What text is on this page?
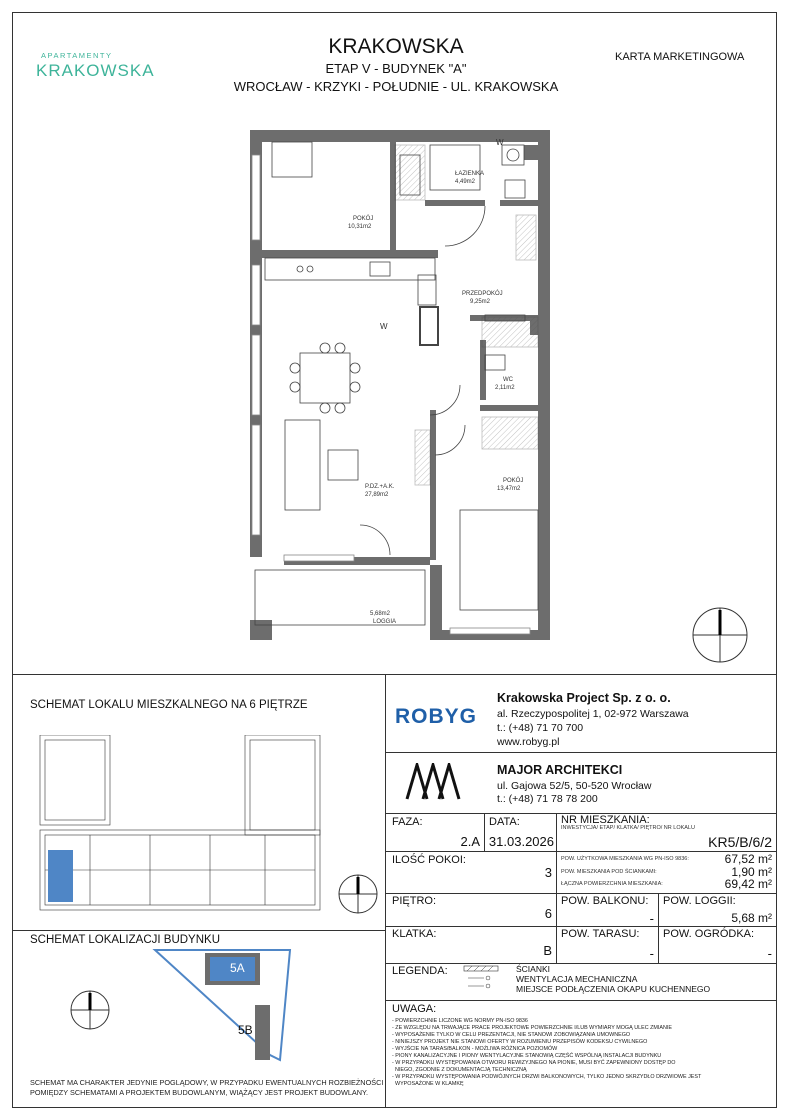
APARTAMENTY
KRAKOWSKA
KRAKOWSKA
ETAP V - BUDYNEK "A"
WROCŁAW - KRZYKI - POŁUDNIE - UL. KRAKOWSKA
KARTA MARKETINGOWA
POKÓJ
10,31m2
ŁAZIENKA
4,49m2
PRZEDPOKÓJ
9,25m2
WC
2,11m2
P.DZ.+A.K.
27,89m2
POKÓJ
13,47m2
5,68m2
LOGGIA
W
W
SCHEMAT LOKALU MIESZKALNEGO NA 6 PIĘTRZE
SCHEMAT LOKALIZACJI BUDYNKU
5A
5B
SCHEMAT MA CHARAKTER JEDYNIE POGLĄDOWY, W PRZYPADKU EWENTUALNYCH ROZBIEŻNOŚCI
POMIĘDZY SCHEMATAMI A PROJEKTEM BUDOWLANYM, WIĄŻĄCY JEST PROJEKT BUDOWLANY.
ROBYG
Krakowska Project Sp. z o. o.
al. Rzeczypospolitej 1, 02-972 Warszawa
t.: (+48) 71 70 700
www.robyg.pl
MAJOR ARCHITEKCI
ul. Gajowa 52/5, 50-520 Wrocław
t.: (+48) 71 78 78 200
FAZA:
2.A
DATA:
31.03.2026
NR MIESZKANIA:
INWESTYCJA/ ETAP/ KLATKA/ PIĘTRO/ NR LOKALU
KR5/B/6/2
ILOŚĆ POKOI:
3
POW. UŻYTKOWA MIESZKANIA WG PN-ISO 9836:	67,52 m²
POW. MIESZKANIA POD ŚCIANKAMI:	1,90 m²
ŁĄCZNA POWIERZCHNIA MIESZKANIA:	69,42 m²
PIĘTRO:
6
POW. BALKONU:
-
POW. LOGGII:
5,68 m²
KLATKA:
B
POW. TARASU:
-
POW. OGRÓDKA:
-
LEGENDA:	ŚCIANKI
WENTYLACJA MECHANICZNA
MIEJSCE PODŁĄCZENIA OKAPU KUCHENNEGO
UWAGA:
- POWIERZCHNIE LICZONE WG NORMY PN-ISO 9836
- ZE WZGLĘDU NA TRWAJĄCE PRACE PROJEKTOWE POWIERZCHNIE I/LUB WYMIARY MOGĄ ULEC ZMIANIE
- WYPOSAŻENIE TYLKO W CELU PREZENTACJI, NIE STANOWI ZOBOWIĄZANIA UMOWNEGO
- NINIEJSZY PROJEKT NIE STANOWI OFERTY W ROZUMIENIU PRZEPISÓW KODEKSU CYWILNEGO
- WYJŚCIE NA TARAS/BALKON - MOŻLIWA RÓŻNICA POZIOMÓW
- PIONY KANALIZACYJNE I PIONY WENTYLACYJNE STANOWIĄ CZĘŚĆ WSPÓLNĄ INSTALACJI BUDYNKU
- W PRZYPADKU WYSTĘPOWANIA OTWORU REWIZYJNEGO NA PIONIE, MUSI BYĆ ZAPEWNIONY DOSTĘP DO
NIEGO, ZGODNIE Z DOKUMENTACJĄ TECHNICZNĄ
- W PRZYPADKU WYSTĘPOWANIA PODWÓJNYCH DRZWI BALKONOWYCH, TYLKO JEDNO SKRZYDŁO DRZWIOWE JEST
WYPOSAŻONE W KLAMKĘ
